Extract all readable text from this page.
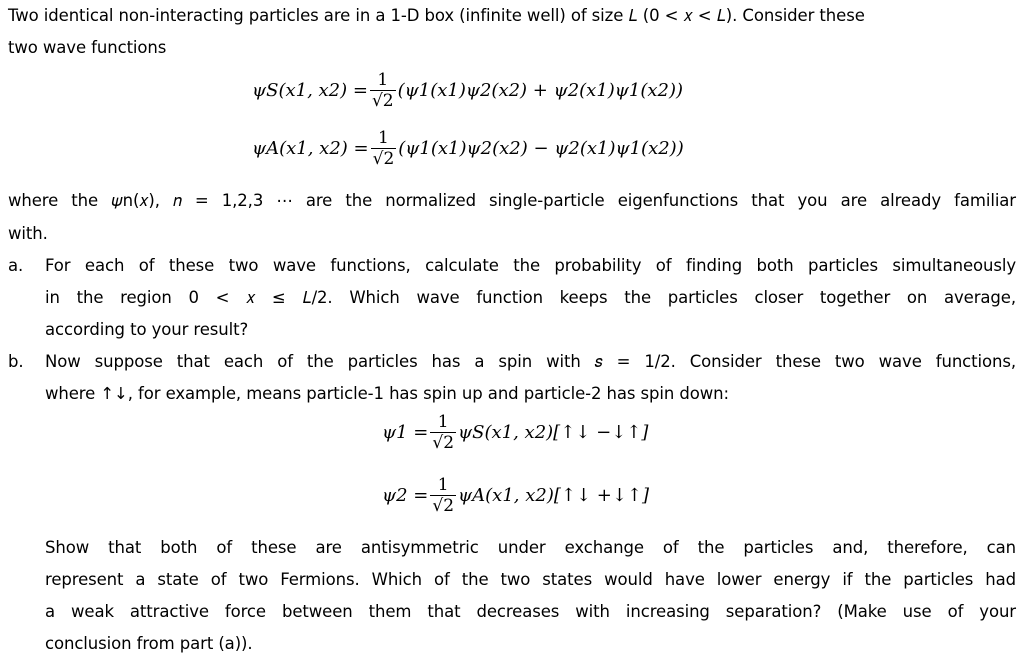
Two identical non-interacting particles are in a 1-D box (infinite well) of size 𝐿 (0 < 𝑥 < 𝐿). Consider these
two wave functions
𝜓S(𝑥1, 𝑥2) = $\frac{1}{√2}$ (𝜓1(𝑥1)𝜓2(𝑥2) + 𝜓2(𝑥1)𝜓1(𝑥2))
𝜓A(𝑥1, 𝑥2) = $\frac{1}{√2}$ (𝜓1(𝑥1)𝜓2(𝑥2) − 𝜓2(𝑥1)𝜓1(𝑥2))
where the 𝜓n(𝑥), 𝑛 = 1,2,3 ⋯ are the normalized single-particle eigenfunctions that you are already familiar
with.
a. For each of these two wave functions, calculate the probability of finding both particles simultaneously
in the region 0 < 𝑥 ≤ 𝐿/2. Which wave function keeps the particles closer together on average,
according to your result?
b. Now suppose that each of the particles has a spin with 𝑠 = 1/2. Consider these two wave functions,
where ↑↓, for example, means particle-1 has spin up and particle-2 has spin down:
𝜓1 = $\frac{1}{√2}$ 𝜓S(𝑥1, 𝑥2)[↑↓ −↓↑]
𝜓2 = $\frac{1}{√2}$ 𝜓A(𝑥1, 𝑥2)[↑↓ +↓↑]
Show that both of these are antisymmetric under exchange of the particles and, therefore, can
represent a state of two Fermions. Which of the two states would have lower energy if the particles had
a weak attractive force between them that decreases with increasing separation? (Make use of your
conclusion from part (a)).
